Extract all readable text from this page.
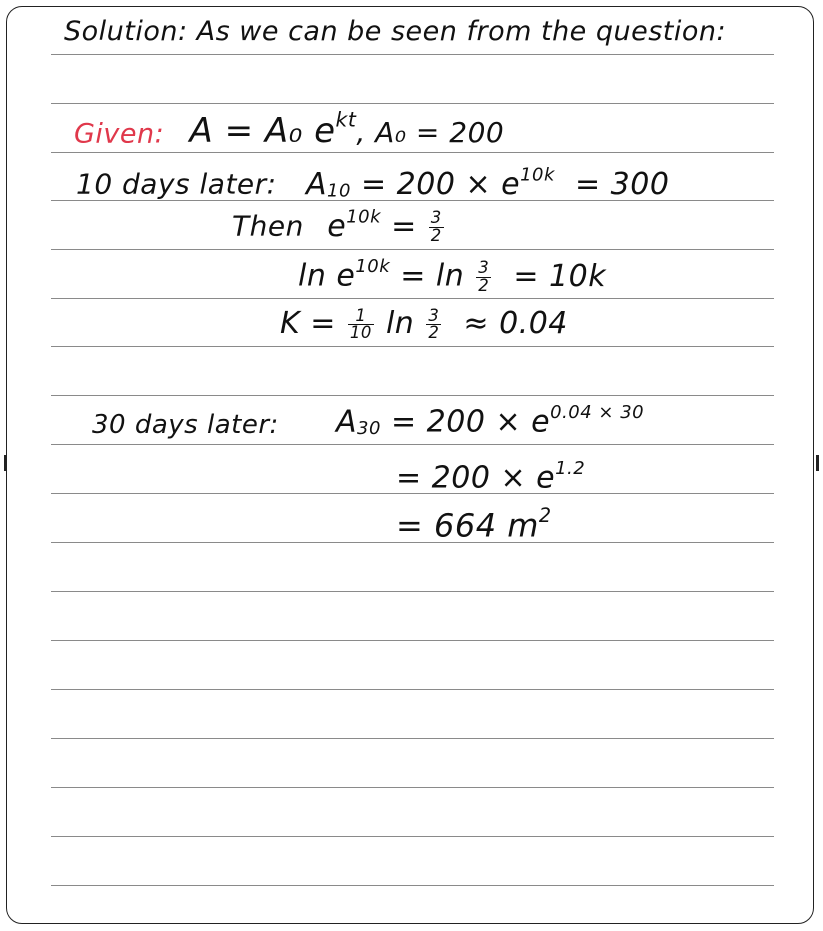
Solution: As we can be seen from the question:
Given: A = A₀ $e^{kt}$, A₀ = 200
10 days later: $A_{10} = 200 \times e^{10k} = 300$
Then $e^{10k} = \frac{3}{2}$
$\ln e^{10k} = \ln \frac{3}{2} = 10k$
$K = \frac{1}{10}$ $\ln \frac{3}{2} \approx 0.04$
30 days later: $A_{30} = 200 \times e^{0.04 \times 30}$
= $200 \times e^{1.2}$
= 664 $m^2$
